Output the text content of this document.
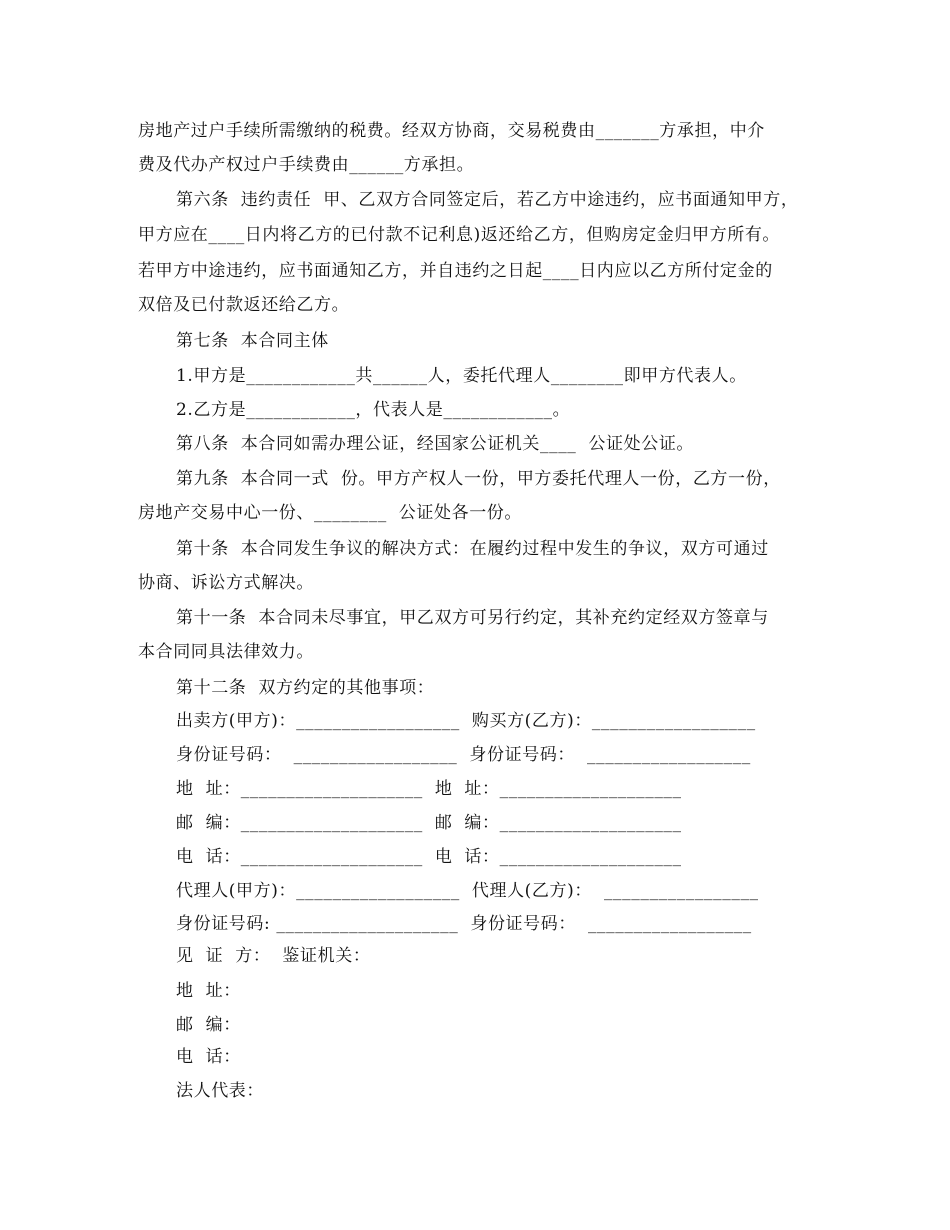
房地产过户手续所需缴纳的税费。经双方协商，交易税费由_______方承担，中介
费及代办产权过户手续费由______方承担。
第六条  违约责任  甲、乙双方合同签定后，若乙方中途违约，应书面通知甲方，
甲方应在____日内将乙方的已付款不记利息)返还给乙方，但购房定金归甲方所有。
若甲方中途违约，应书面通知乙方，并自违约之日起____日内应以乙方所付定金的
双倍及已付款返还给乙方。
第七条  本合同主体
1.甲方是____________共______人，委托代理人________即甲方代表人。
2.乙方是____________，代表人是____________。
第八条  本合同如需办理公证，经国家公证机关____  公证处公证。
第九条  本合同一式  份。甲方产权人一份，甲方委托代理人一份，乙方一份，
房地产交易中心一份、________  公证处各一份。
第十条  本合同发生争议的解决方式：在履约过程中发生的争议，双方可通过
协商、诉讼方式解决。
第十一条  本合同未尽事宜，甲乙双方可另行约定，其补充约定经双方签章与
本合同同具法律效力。
第十二条  双方约定的其他事项：
出卖方(甲方)：__________________  购买方(乙方)：__________________
身份证号码：  __________________  身份证号码：  __________________
地  址：____________________  地  址：____________________
邮  编：____________________  邮  编：____________________
电  话：____________________  电  话：____________________
代理人(甲方)：__________________  代理人(乙方)：  _________________
身份证号码: ____________________  身份证号码：  __________________
见  证  方：  鉴证机关：
地  址：
邮  编：
电  话：
法人代表：
